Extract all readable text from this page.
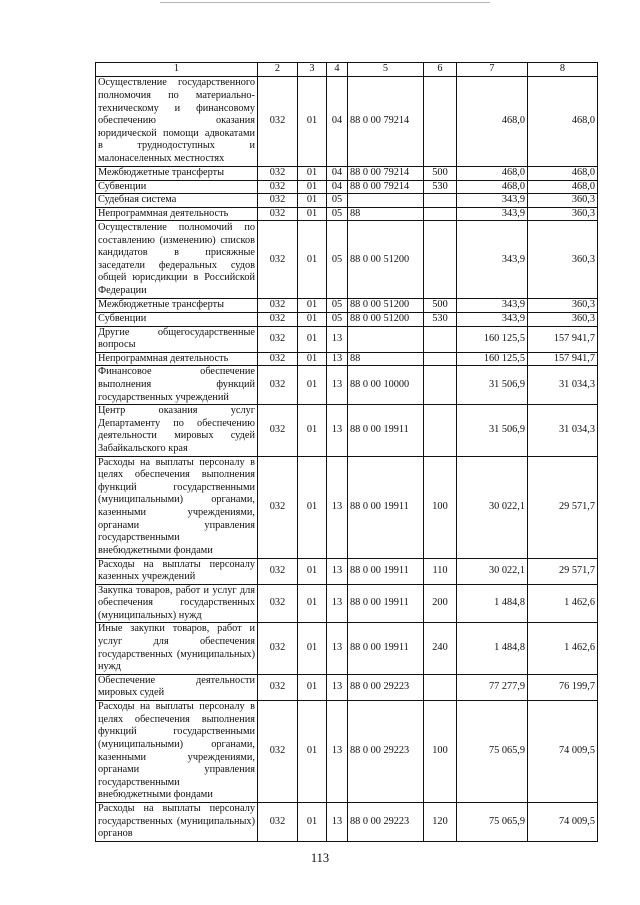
1	2	3	4	5	6	7	8
Осуществление государственного полномочия по материально-техническому и финансовому обеспечению оказания юридической помощи адвокатами в труднодоступных и малонаселенных местностях	032	01	04	88 0 00 79214		468,0	468,0
Межбюджетные трансферты	032	01	04	88 0 00 79214	500	468,0	468,0
Субвенции	032	01	04	88 0 00 79214	530	468,0	468,0
Судебная система	032	01	05			343,9	360,3
Непрограммная деятельность	032	01	05	88		343,9	360,3
Осуществление полномочий по составлению (изменению) списков кандидатов в присяжные заседатели федеральных судов общей юрисдикции в Российской Федерации	032	01	05	88 0 00 51200		343,9	360,3
Межбюджетные трансферты	032	01	05	88 0 00 51200	500	343,9	360,3
Субвенции	032	01	05	88 0 00 51200	530	343,9	360,3
Другие общегосударственные вопросы	032	01	13			160 125,5	157 941,7
Непрограммная деятельность	032	01	13	88		160 125,5	157 941,7
Финансовое обеспечение выполнения функций государственных учреждений	032	01	13	88 0 00 10000		31 506,9	31 034,3
Центр оказания услуг Департаменту по обеспечению деятельности мировых судей Забайкальского края	032	01	13	88 0 00 19911		31 506,9	31 034,3
Расходы на выплаты персоналу в целях обеспечения выполнения функций государственными (муниципальными) органами, казенными учреждениями, органами управления государственными внебюджетными фондами	032	01	13	88 0 00 19911	100	30 022,1	29 571,7
Расходы на выплаты персоналу казенных учреждений	032	01	13	88 0 00 19911	110	30 022,1	29 571,7
Закупка товаров, работ и услуг для обеспечения государственных (муниципальных) нужд	032	01	13	88 0 00 19911	200	1 484,8	1 462,6
Иные закупки товаров, работ и услуг для обеспечения государственных (муниципальных) нужд	032	01	13	88 0 00 19911	240	1 484,8	1 462,6
Обеспечение деятельности мировых судей	032	01	13	88 0 00 29223		77 277,9	76 199,7
Расходы на выплаты персоналу в целях обеспечения выполнения функций государственными (муниципальными) органами, казенными учреждениями, органами управления государственными внебюджетными фондами	032	01	13	88 0 00 29223	100	75 065,9	74 009,5
Расходы на выплаты персоналу государственных (муниципальных) органов	032	01	13	88 0 00 29223	120	75 065,9	74 009,5
113
